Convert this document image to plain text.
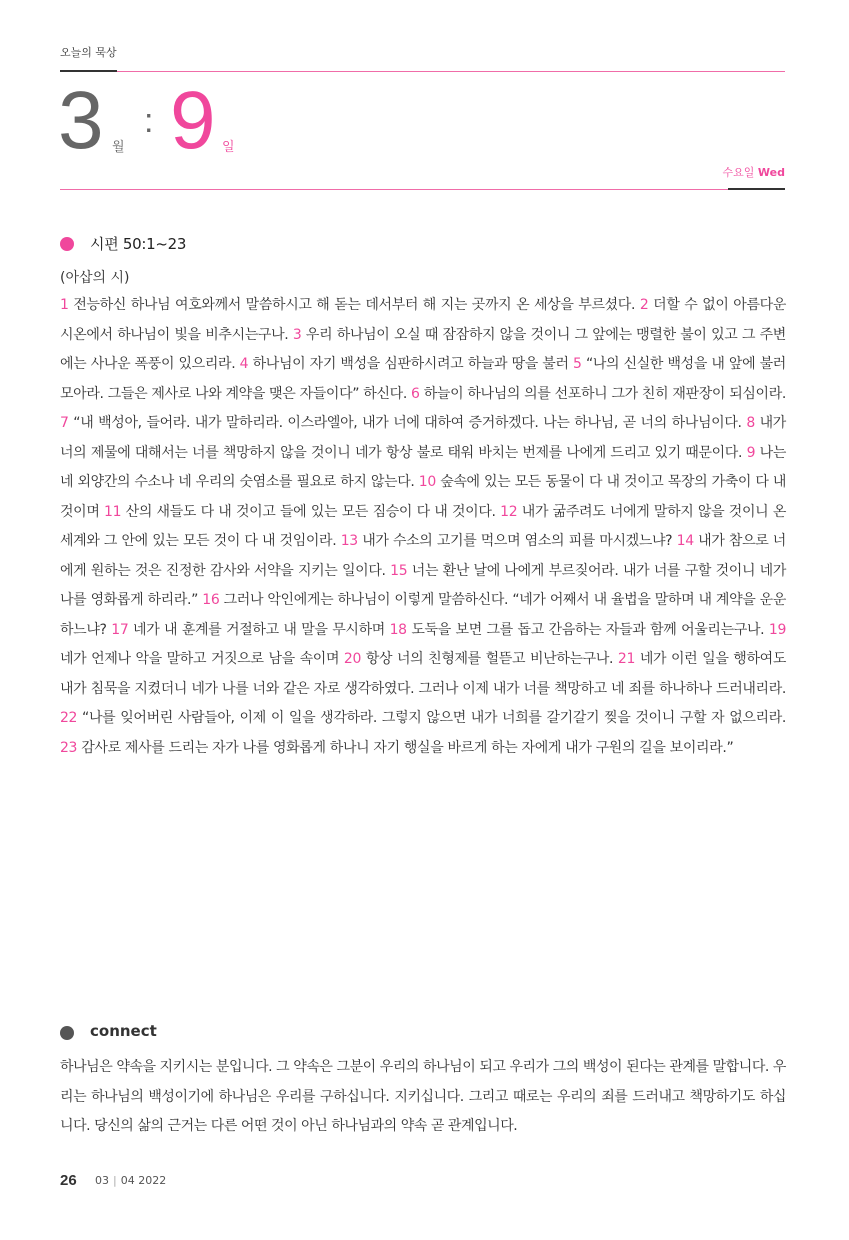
오늘의 묵상
3 월
: 9 일
수요일 Wed
시편 50:1~23
(아삽의 시)
1 전능하신 하나님 여호와께서 말씀하시고 해 돋는 데서부터 해 지는 곳까지 온 세상을 부르셨다. 2 더할 수 없이 아름다운 시온에서 하나님이 빛을 비추시는구나. 3 우리 하나님이 오실 때 잠잠하지 않을 것이니 그 앞에는 맹렬한 불이 있고 그 주변에는 사나운 폭풍이 있으리라. 4 하나님이 자기 백성을 심판하시려고 하늘과 땅을 불러 5 “나의 신실한 백성을 내 앞에 불러모아라. 그들은 제사로 나와 계약을 맺은 자들이다” 하신다. 6 하늘이 하나님의 의를 선포하니 그가 친히 재판장이 되심이라. 7 “내 백성아, 들어라. 내가 말하리라. 이스라엘아, 내가 너에 대하여 증거하겠다. 나는 하나님, 곧 너의 하나님이다. 8 내가 너의 제물에 대해서는 너를 책망하지 않을 것이니 네가 항상 불로 태워 바치는 번제를 나에게 드리고 있기 때문이다. 9 나는 네 외양간의 수소나 네 우리의 숫염소를 필요로 하지 않는다. 10 숲속에 있는 모든 동물이 다 내 것이고 목장의 가축이 다 내 것이며 11 산의 새들도 다 내 것이고 들에 있는 모든 짐승이 다 내 것이다. 12 내가 굶주려도 너에게 말하지 않을 것이니 온 세계와 그 안에 있는 모든 것이 다 내 것임이라. 13 내가 수소의 고기를 먹으며 염소의 피를 마시겠느냐? 14 내가 참으로 너에게 원하는 것은 진정한 감사와 서약을 지키는 일이다. 15 너는 환난 날에 나에게 부르짖어라. 내가 너를 구할 것이니 네가 나를 영화롭게 하리라.” 16 그러나 악인에게는 하나님이 이렇게 말씀하신다. “네가 어째서 내 율법을 말하며 내 계약을 운운하느냐? 17 네가 내 훈계를 거절하고 내 말을 무시하며 18 도둑을 보면 그를 돕고 간음하는 자들과 함께 어울리는구나. 19 네가 언제나 악을 말하고 거짓으로 남을 속이며 20 항상 너의 친형제를 헐뜯고 비난하는구나. 21 네가 이런 일을 행하여도 내가 침묵을 지켰더니 네가 나를 너와 같은 자로 생각하였다. 그러나 이제 내가 너를 책망하고 네 죄를 하나하나 드러내리라. 22 “나를 잊어버린 사람들아, 이제 이 일을 생각하라. 그렇지 않으면 내가 너희를 갈기갈기 찢을 것이니 구할 자 없으리라. 23 감사로 제사를 드리는 자가 나를 영화롭게 하나니 자기 행실을 바르게 하는 자에게 내가 구원의 길을 보이리라.”
connect
하나님은 약속을 지키시는 분입니다. 그 약속은 그분이 우리의 하나님이 되고 우리가 그의 백성이 된다는 관계를 말합니다. 우리는 하나님의 백성이기에 하나님은 우리를 구하십니다. 지키십니다. 그리고 때로는 우리의 죄를 드러내고 책망하기도 하십니다. 당신의 삶의 근거는 다른 어떤 것이 아닌 하나님과의 약속 곧 관계입니다.
26 03 | 04 2022
